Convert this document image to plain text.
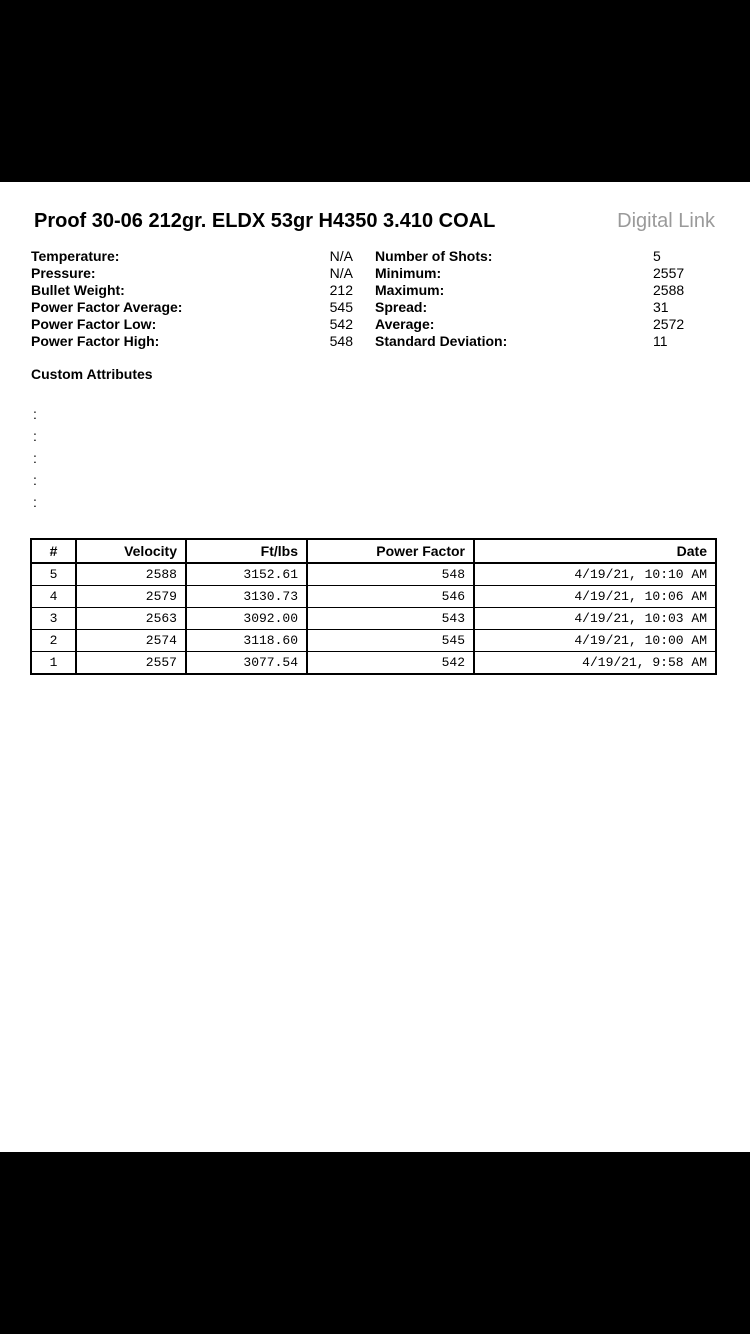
Proof 30-06 212gr. ELDX 53gr H4350 3.410 COAL	Digital Link
Temperature:	N/A Number of Shots:	5
Pressure:	N/A Minimum:	2557
Bullet Weight:	212 Maximum:	2588
Power Factor Average:	545 Spread:	31
Power Factor Low:	542 Average:	2572
Power Factor High:	548 Standard Deviation:	11
Custom Attributes
:
:
:
:
:
#	Velocity	Ft/lbs	Power Factor	Date
5	2588	3152.61	548	4/19/21, 10:10 AM
4	2579	3130.73	546	4/19/21, 10:06 AM
3	2563	3092.00	543	4/19/21, 10:03 AM
2	2574	3118.60	545	4/19/21, 10:00 AM
1	2557	3077.54	542	4/19/21, 9:58 AM
